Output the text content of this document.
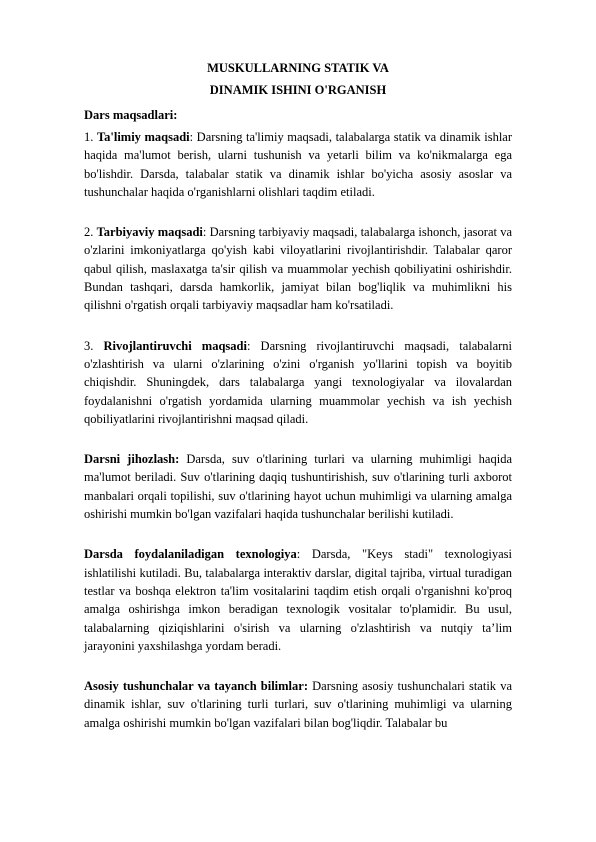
MUSKULLARNING STATIK VA
DINAMIK ISHINI O'RGANISH
Dars maqsadlari:

1. Ta'limiy maqsadi: Darsning ta'limiy maqsadi, talabalarga statik va dinamik ishlar haqida ma'lumot berish, ularni tushunish va yetarli bilim va ko'nikmalarga ega bo'lishdir. Darsda, talabalar statik va dinamik ishlar bo'yicha asosiy asoslar va tushunchalar haqida o'rganishlarni olishlari taqdim etiladi.

2. Tarbiyaviy maqsadi: Darsning tarbiyaviy maqsadi, talabalarga ishonch, jasorat va o'zlarini imkoniyatlarga qo'yish kabi viloyatlarini rivojlantirishdir. Talabalar qaror qabul qilish, maslaxatga ta'sir qilish va muammolar yechish qobiliyatini oshirishdir. Bundan tashqari, darsda hamkorlik, jamiyat bilan bog'liqlik va muhimlikni his qilishni o'rgatish orqali tarbiyaviy maqsadlar ham ko'rsatiladi.

3. Rivojlantiruvchi maqsadi: Darsning rivojlantiruvchi maqsadi, talabalarni o'zlashtirish va ularni o'zlarining o'zini o'rganish yo'llarini topish va boyitib chiqishdir. Shuningdek, dars talabalarga yangi texnologiyalar va ilovalardan foydalanishni o'rgatish yordamida ularning muammolar yechish va ish yechish qobiliyatlarini rivojlantirishni maqsad qiladi.

Darsni jihozlash: Darsda, suv o'tlarining turlari va ularning muhimligi haqida ma'lumot beriladi. Suv o'tlarining daqiq tushuntirishish, suv o'tlarining turli axborot manbalari orqali topilishi, suv o'tlarining hayot uchun muhimligi va ularning amalga oshirishi mumkin bo'lgan vazifalari haqida tushunchalar berilishi kutiladi.

Darsda foydalaniladigan texnologiya: Darsda, "Keys stadi" texnologiyasi ishlatilishi kutiladi. Bu, talabalarga interaktiv darslar, digital tajriba, virtual turadigan testlar va boshqa elektron ta'lim vositalarini taqdim etish orqali o'rganishni ko'proq amalga oshirishga imkon beradigan texnologik vositalar to'plamidir. Bu usul, talabalarning qiziqishlarini o'sirish va ularning o'zlashtirish va nutqiy ta’lim jarayonini yaxshilashga yordam beradi.

Asosiy tushunchalar va tayanch bilimlar: Darsning asosiy tushunchalari statik va dinamik ishlar, suv o'tlarining turli turlari, suv o'tlarining muhimligi va ularning amalga oshirishi mumkin bo'lgan vazifalari bilan bog'liqdir. Talabalar bu
